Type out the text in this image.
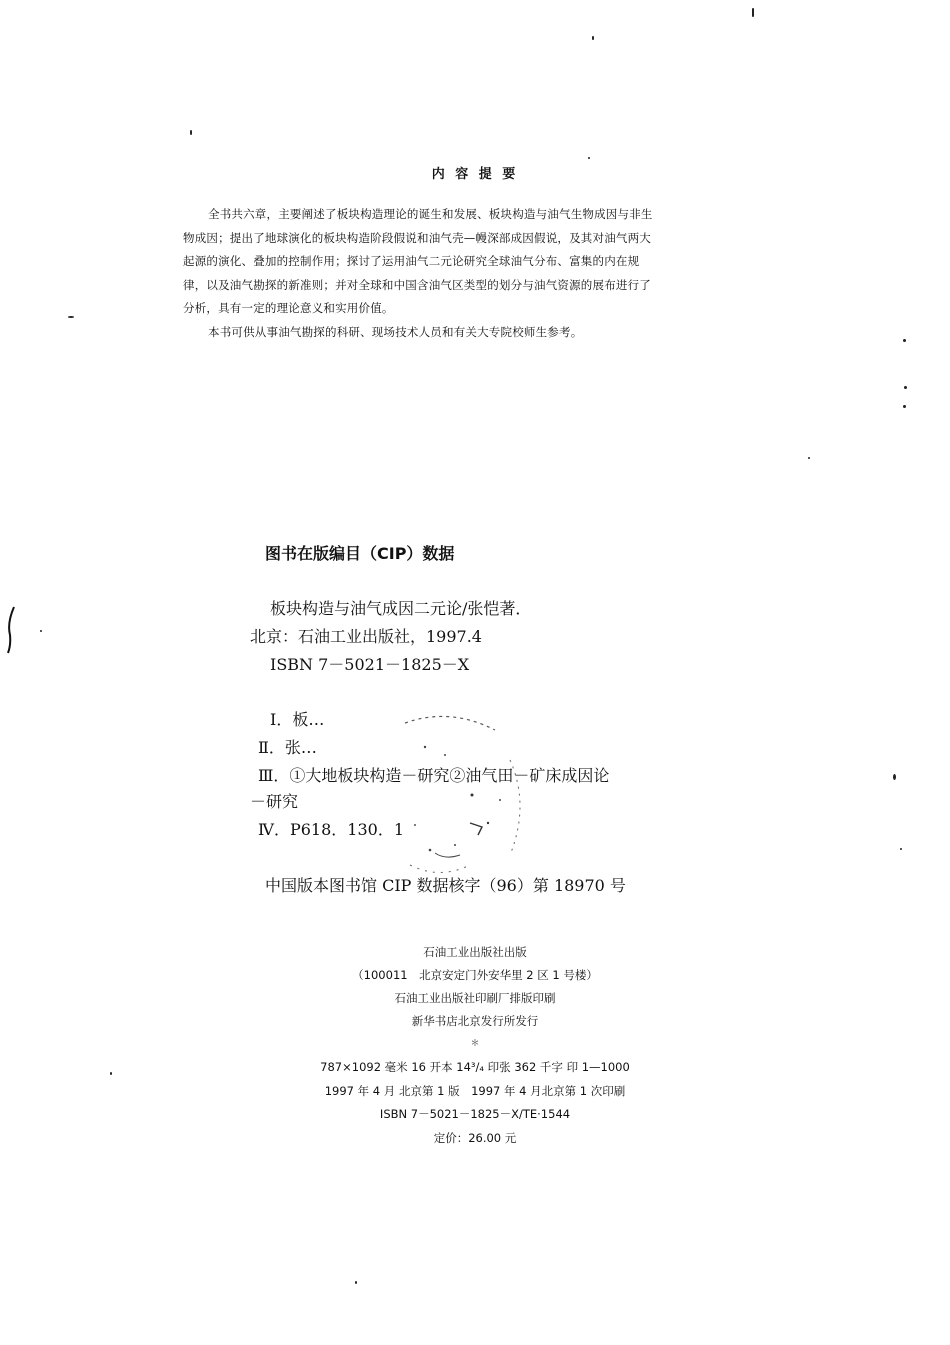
内 容 提 要
全书共六章，主要阐述了板块构造理论的诞生和发展、板块构造与油气生物成因与非生
物成因；提出了地球演化的板块构造阶段假说和油气壳—幔深部成因假说，及其对油气两大
起源的演化、叠加的控制作用；探讨了运用油气二元论研究全球油气分布、富集的内在规
律，以及油气勘探的新准则；并对全球和中国含油气区类型的划分与油气资源的展布进行了
分析，具有一定的理论意义和实用价值。
本书可供从事油气勘探的科研、现场技术人员和有关大专院校师生参考。
图书在版编目（CIP）数据
板块构造与油气成因二元论/张恺著．
北京：石油工业出版社，1997.4
ISBN 7－5021－1825－X
Ⅰ．板…
Ⅱ．张…
Ⅲ．①大地板块构造－研究②油气田－矿床成因论
－研究
Ⅳ．P618．130．1
中国版本图书馆 CIP 数据核字（96）第 18970 号
石油工业出版社出版
（100011　北京安定门外安华里 2 区 1 号楼）
石油工业出版社印刷厂排版印刷
新华书店北京发行所发行
＊
787×1092 毫米 16 开本 14³/₄ 印张 362 千字 印 1—1000
1997 年 4 月 北京第 1 版　1997 年 4 月北京第 1 次印刷
ISBN 7－5021－1825－X/TE·1544
定价：26.00 元
